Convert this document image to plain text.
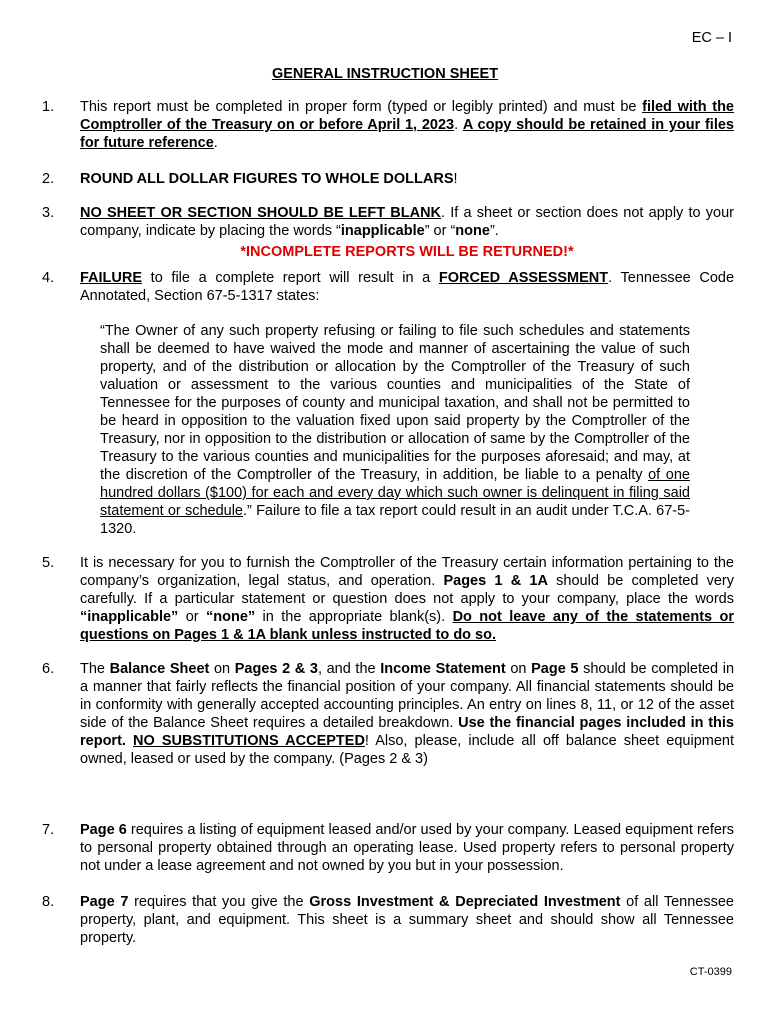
EC – I
GENERAL INSTRUCTION SHEET
1. This report must be completed in proper form (typed or legibly printed) and must be filed with the Comptroller of the Treasury on or before April 1, 2023. A copy should be retained in your files for future reference.
2. ROUND ALL DOLLAR FIGURES TO WHOLE DOLLARS!
3. NO SHEET OR SECTION SHOULD BE LEFT BLANK. If a sheet or section does not apply to your company, indicate by placing the words “inapplicable” or “none”.
*INCOMPLETE REPORTS WILL BE RETURNED!*
4. FAILURE to file a complete report will result in a FORCED ASSESSMENT. Tennessee Code Annotated, Section 67-5-1317 states:
“The Owner of any such property refusing or failing to file such schedules and statements shall be deemed to have waived the mode and manner of ascertaining the value of such property, and of the distribution or allocation by the Comptroller of the Treasury of such valuation or assessment to the various counties and municipalities of the State of Tennessee for the purposes of county and municipal taxation, and shall not be permitted to be heard in opposition to the valuation fixed upon said property by the Comptroller of the Treasury, nor in opposition to the distribution or allocation of same by the Comptroller of the Treasury to the various counties and municipalities for the purposes aforesaid; and may, at the discretion of the Comptroller of the Treasury, in addition, be liable to a penalty of one hundred dollars ($100) for each and every day which such owner is delinquent in filing said statement or schedule.” Failure to file a tax report could result in an audit under T.C.A. 67-5-1320.
5. It is necessary for you to furnish the Comptroller of the Treasury certain information pertaining to the company’s organization, legal status, and operation. Pages 1 & 1A should be completed very carefully. If a particular statement or question does not apply to your company, place the words “inapplicable” or “none” in the appropriate blank(s). Do not leave any of the statements or questions on Pages 1 & 1A blank unless instructed to do so.
6. The Balance Sheet on Pages 2 & 3, and the Income Statement on Page 5 should be completed in a manner that fairly reflects the financial position of your company. All financial statements should be in conformity with generally accepted accounting principles. An entry on lines 8, 11, or 12 of the asset side of the Balance Sheet requires a detailed breakdown. Use the financial pages included in this report. NO SUBSTITUTIONS ACCEPTED! Also, please, include all off balance sheet equipment owned, leased or used by the company. (Pages 2 & 3)
7. Page 6 requires a listing of equipment leased and/or used by your company. Leased equipment refers to personal property obtained through an operating lease. Used property refers to personal property not under a lease agreement and not owned by you but in your possession.
8. Page 7 requires that you give the Gross Investment & Depreciated Investment of all Tennessee property, plant, and equipment. This sheet is a summary sheet and should show all Tennessee property.
CT-0399
